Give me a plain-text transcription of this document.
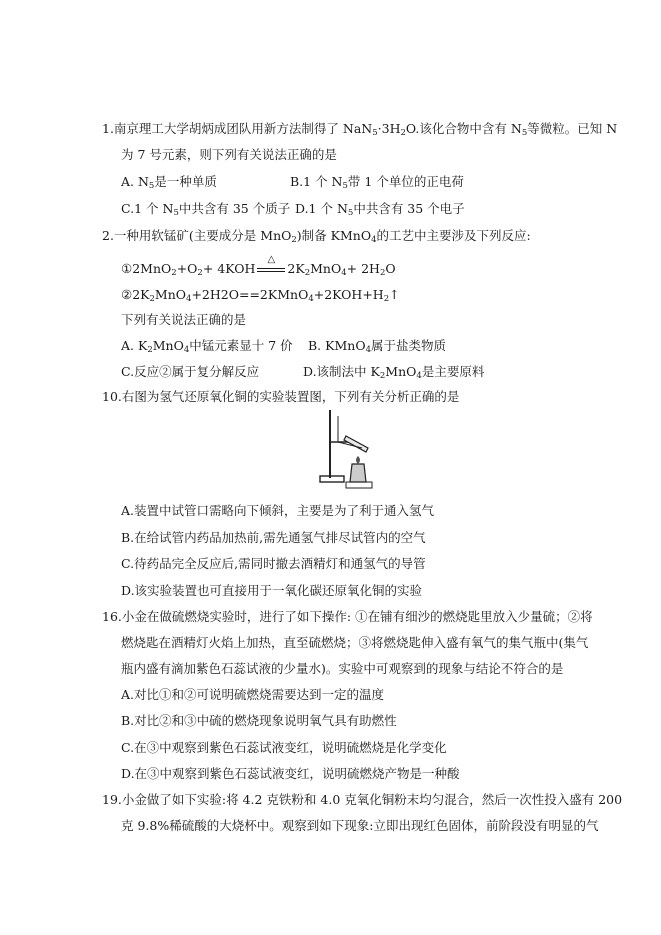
1.南京理工大学胡炳成团队用新方法制得了 $NaN_5\cdot 3H_2O$.该化合物中含有 $N_5$等微粒。已知 N
为 7 号元素，则下列有关说法正确的是
A. $N_5$是一种单质	B.1 个 $N_5$带 1 个单位的正电荷
C.1 个 $N_5$中共含有 35 个质子 D.1 个 $N_5$中共含有 35 个电子
2.一种用软锰矿(主要成分是 MnO$_2$)制备 KMnO$_4$的工艺中主要涉及下列反应:
$①2MnO_2+O_2+ 4KOH$
△
$2K_2MnO_4+ 2H_2O$
$②2K_2MnO_4+2H2O==2KMnO_4+2KOH+H_2↑$
下列有关说法正确的是
A. $K_2MnO_4$中锰元素显十 7 价 B. KMnO$_4$属于盐类物质
C.反应②属于复分解反应	D.该制法中 $K_2MnO_4$是主要原料
10.右图为氢气还原氧化铜的实验装置图，下列有关分析正确的是
A.装置中试管口需略向下倾斜，主要是为了利于通入氢气
B.在给试管内药品加热前,需先通氢气排尽试管内的空气
C.待药品完全反应后,需同时撤去酒精灯和通氢气的导管
D.该实验装置也可直接用于一氧化碳还原氧化铜的实验
16.小金在做硫燃烧实验时，进行了如下操作: ①在铺有细沙的燃烧匙里放入少量硫；②将
燃烧匙在酒精灯火焰上加热，直至硫燃烧；③将燃烧匙伸入盛有氧气的集气瓶中(集气
瓶内盛有滴加紫色石蕊试液的少量水)。实验中可观察到的现象与结论不符合的是
A.对比①和②可说明硫燃烧需要达到一定的温度
B.对比②和③中硫的燃烧现象说明氧气具有助燃性
C.在③中观察到紫色石蕊试液变红，说明硫燃烧是化学变化
D.在③中观察到紫色石蕊试液变红，说明硫燃烧产物是一种酸
19.小金做了如下实验:将 4.2 克铁粉和 4.0 克氧化铜粉末均匀混合，然后一次性投入盛有 200
克 9.8%稀硫酸的大烧杯中。观察到如下现象:立即出现红色固体，前阶段没有明显的气
